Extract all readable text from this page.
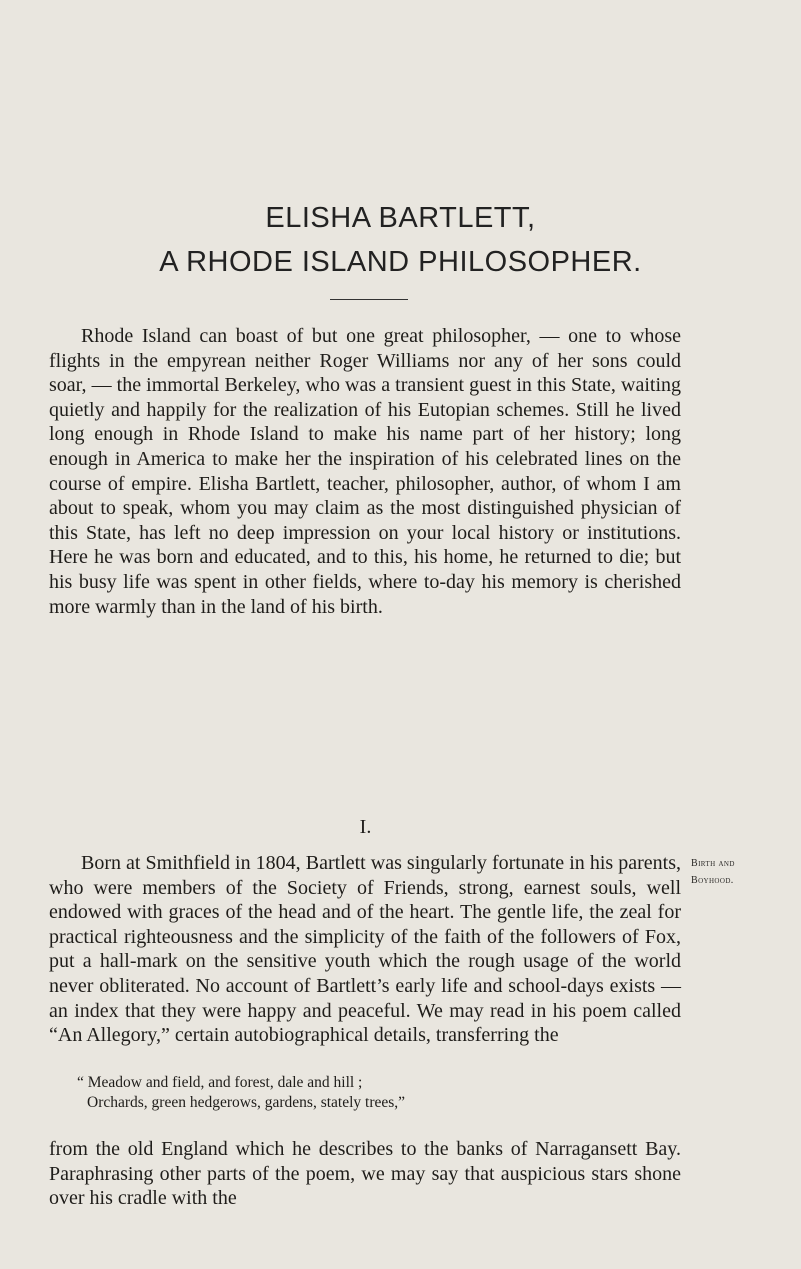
ELISHA BARTLETT,
A RHODE ISLAND PHILOSOPHER.

Rhode Island can boast of but one great philosopher, — one to whose flights in the empyrean neither Roger Williams nor any of her sons could soar, — the immortal Berkeley, who was a transient guest in this State, waiting quietly and happily for the realization of his Eutopian schemes. Still he lived long enough in Rhode Island to make his name part of her history; long enough in America to make her the inspiration of his celebrated lines on the course of empire. Elisha Bartlett, teacher, philosopher, author, of whom I am about to speak, whom you may claim as the most distinguished physician of this State, has left no deep impression on your local history or institutions. Here he was born and educated, and to this, his home, he returned to die; but his busy life was spent in other fields, where to-day his memory is cherished more warmly than in the land of his birth.

I.
Birth and
Boyhood.

Born at Smithfield in 1804, Bartlett was singularly fortunate in his parents, who were members of the Society of Friends, strong, earnest souls, well endowed with graces of the head and of the heart. The gentle life, the zeal for practical righteousness and the simplicity of the faith of the followers of Fox, put a hall-mark on the sensitive youth which the rough usage of the world never obliterated. No account of Bartlett’s early life and school-days exists — an index that they were happy and peaceful. We may read in his poem called “An Allegory,” certain autobiographical details, transferring the

“ Meadow and field, and forest, dale and hill ;
Orchards, green hedgerows, gardens, stately trees,”

from the old England which he describes to the banks of Narragansett Bay. Paraphrasing other parts of the poem, we may say that auspicious stars shone over his cradle with the
